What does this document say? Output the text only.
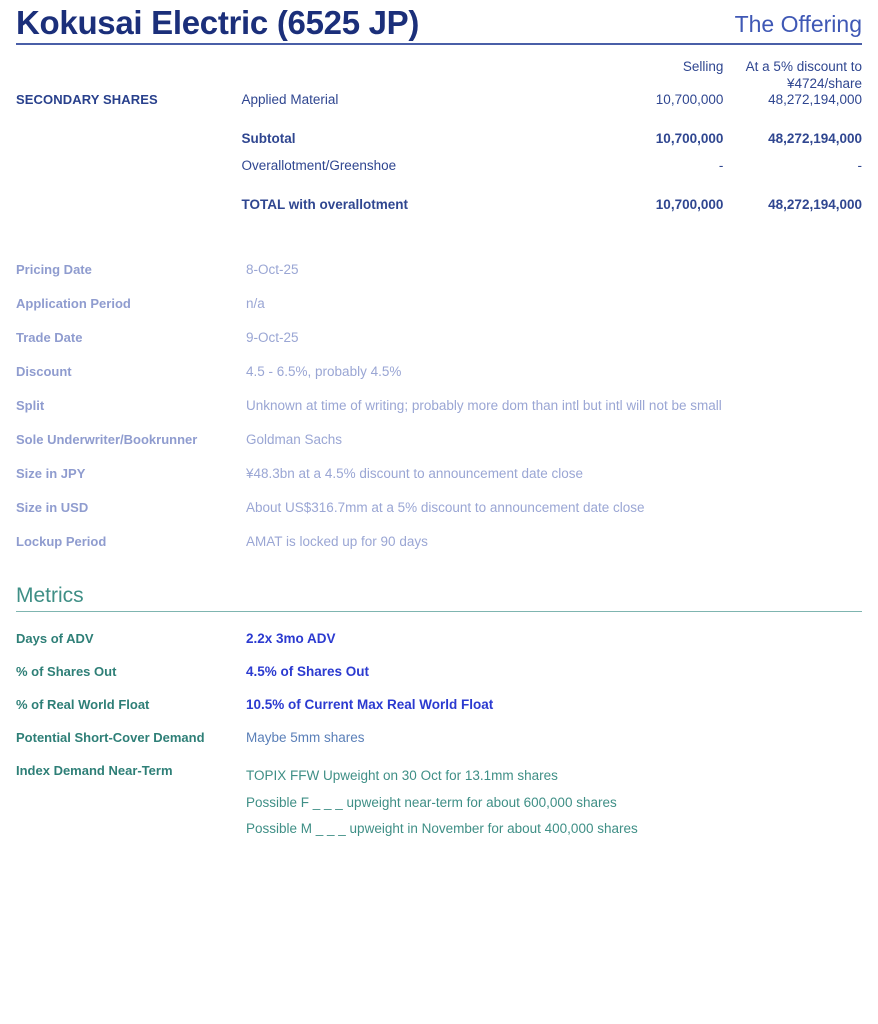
Kokusai Electric (6525 JP)	The Offering
		Selling	At a 5% discount to
¥4724/share

SECONDARY SHARES	Applied Material	10,700,000	48,272,194,000

	Subtotal	10,700,000	48,272,194,000

	Overallotment/Greenshoe	-	-

	TOTAL with overallotment	10,700,000	48,272,194,000
Pricing Date	8-Oct-25
Application Period	n/a
Trade Date	9-Oct-25
Discount	4.5 - 6.5%, probably 4.5%
Split	Unknown at time of writing; probably more dom than intl but intl will not be small
Sole Underwriter/Bookrunner	Goldman Sachs
Size in JPY	¥48.3bn at a 4.5% discount to announcement date close
Size in USD	About US$316.7mm at a 5% discount to announcement date close
Lockup Period	AMAT is locked up for 90 days
Metrics
Days of ADV	2.2x 3mo ADV
% of Shares Out	4.5% of Shares Out
% of Real World Float	10.5% of Current Max Real World Float
Potential Short-Cover Demand	Maybe 5mm shares
Index Demand Near-Term	TOPIX FFW Upweight on 30 Oct for 13.1mm shares
Possible F _ _ _ upweight near-term for about 600,000 shares
Possible M _ _ _ upweight in November for about 400,000 shares
